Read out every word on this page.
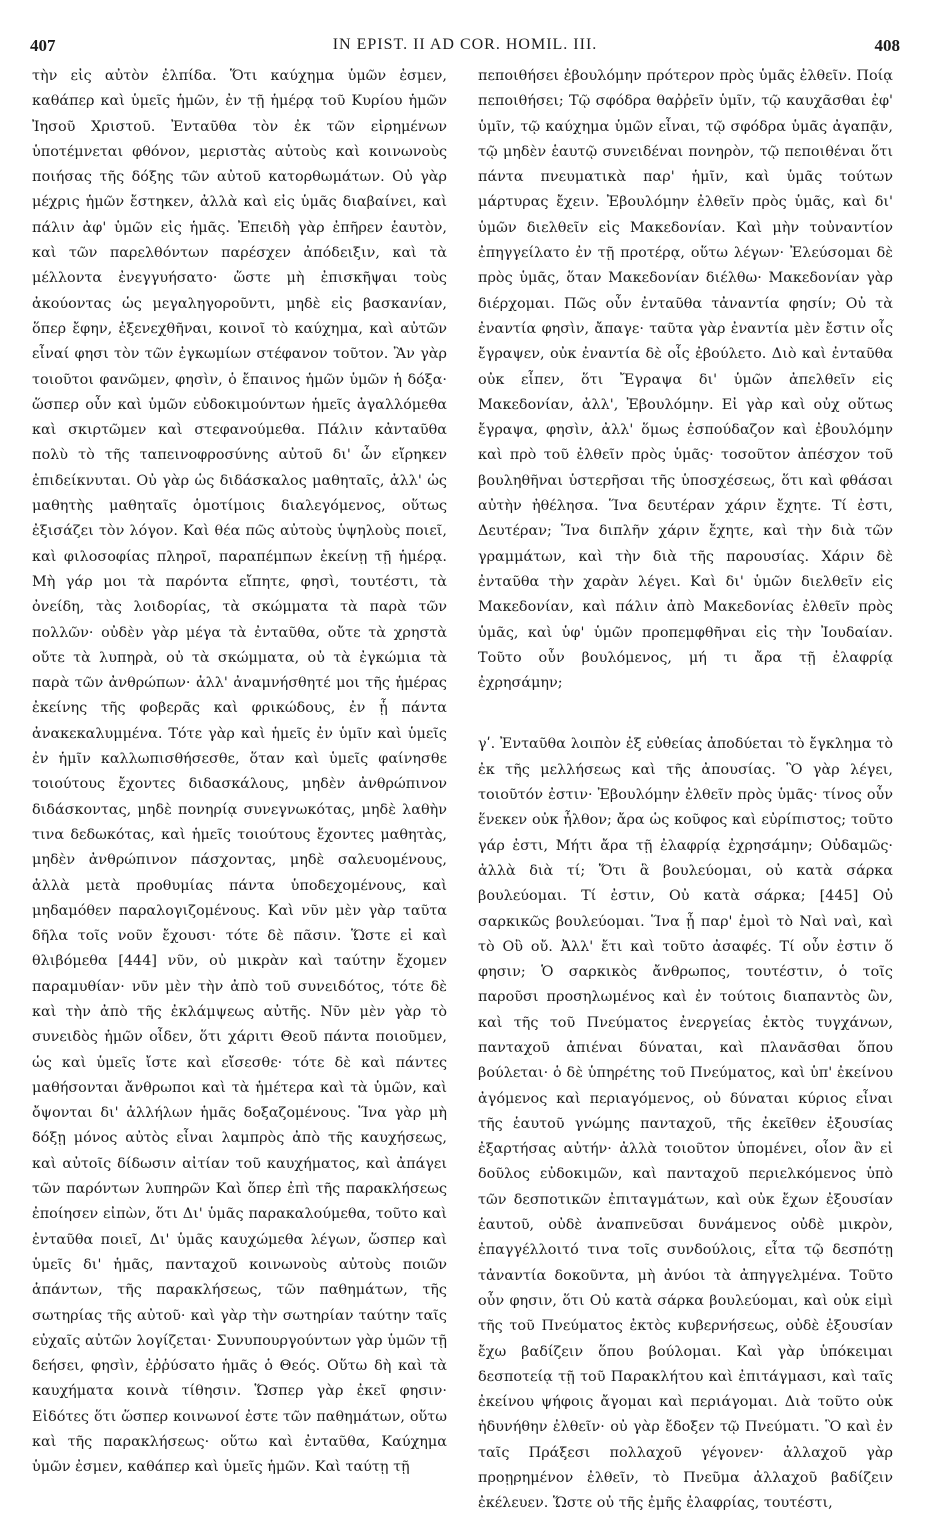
407	IN EPIST. II AD COR. HOMIL. III.	408

τὴν εἰς αὐτὸν ἐλπίδα. Ὅτι καύχημα ὑμῶν ἐσμεν, καθάπερ καὶ ὑμεῖς ἡμῶν, ἐν τῇ ἡμέρᾳ τοῦ Κυρίου ἡμῶν Ἰησοῦ Χριστοῦ. Ἐνταῦθα τὸν ἐκ τῶν εἰρημένων ὑποτέμνεται φθόνον, μεριστὰς αὐτοὺς καὶ κοινωνοὺς ποιήσας τῆς δόξης τῶν αὐτοῦ κατορθωμάτων. Οὐ γὰρ μέχρις ἡμῶν ἔστηκεν, ἀλλὰ καὶ εἰς ὑμᾶς διαβαίνει, καὶ πάλιν ἀφ' ὑμῶν εἰς ἡμᾶς. Ἐπειδὴ γὰρ ἐπῆρεν ἑαυτὸν, καὶ τῶν παρελθόντων παρέσχεν ἀπόδειξιν, καὶ τὰ μέλλοντα ἐνεγγυήσατο· ὥστε μὴ ἐπισκῆψαι τοὺς ἀκούοντας ὡς μεγαληγοροῦντι, μηδὲ εἰς βασκανίαν, ὅπερ ἔφην, ἐξενεχθῆναι, κοινοῖ τὸ καύχημα, καὶ αὐτῶν εἶναί φησι τὸν τῶν ἐγκωμίων στέφανον τοῦτον. Ἂν γὰρ τοιοῦτοι φανῶμεν, φησὶν, ὁ ἔπαινος ἡμῶν ὑμῶν ἡ δόξα· ὥσπερ οὖν καὶ ὑμῶν εὐδοκιμούντων ἡμεῖς ἀγαλλόμεθα καὶ σκιρτῶμεν καὶ στεφανούμεθα. Πάλιν κἀνταῦθα πολὺ τὸ τῆς ταπεινοφροσύνης αὐτοῦ δι' ὧν εἴρηκεν ἐπιδείκνυται. Οὐ γὰρ ὡς διδάσκαλος μαθηταῖς, ἀλλ' ὡς μαθητὴς μαθηταῖς ὁμοτίμοις διαλεγόμενος, οὕτως ἐξισάζει τὸν λόγον. Καὶ θέα πῶς αὐτοὺς ὑψηλοὺς ποιεῖ, καὶ φιλοσοφίας πληροῖ, παραπέμπων ἐκείνῃ τῇ ἡμέρᾳ. Μὴ γάρ μοι τὰ παρόντα εἴπητε, φησὶ, τουτέστι, τὰ ὀνείδη, τὰς λοιδορίας, τὰ σκώμματα τὰ παρὰ τῶν πολλῶν· οὐδὲν γὰρ μέγα τὰ ἐνταῦθα, οὔτε τὰ χρηστὰ οὔτε τὰ λυπηρὰ, οὐ τὰ σκώμματα, οὐ τὰ ἐγκώμια τὰ παρὰ τῶν ἀνθρώπων· ἀλλ' ἀναμνήσθητέ μοι τῆς ἡμέρας ἐκείνης τῆς φοβερᾶς καὶ φρικώδους, ἐν ᾗ πάντα ἀνακεκαλυμμένα. Τότε γὰρ καὶ ἡμεῖς ἐν ὑμῖν καὶ ὑμεῖς ἐν ἡμῖν καλλωπισθήσεσθε, ὅταν καὶ ὑμεῖς φαίνησθε τοιούτους ἔχοντες διδασκάλους, μηδὲν ἀνθρώπινον διδάσκοντας, μηδὲ πονηρίᾳ συνεγνωκότας, μηδὲ λαθὴν τινα δεδωκότας, καὶ ἡμεῖς τοιούτους ἔχοντες μαθητὰς, μηδὲν ἀνθρώπινον πάσχοντας, μηδὲ σαλευομένους, ἀλλὰ μετὰ προθυμίας πάντα ὑποδεχομένους, καὶ μηδαμόθεν παραλογιζομένους. Καὶ νῦν μὲν γὰρ ταῦτα δῆλα τοῖς νοῦν ἔχουσι· τότε δὲ πᾶσιν. Ὥστε εἰ καὶ θλιβόμεθα [444] νῦν, οὐ μικρὰν καὶ ταύτην ἔχομεν παραμυθίαν· νῦν μὲν τὴν ἀπὸ τοῦ συνειδότος, τότε δὲ καὶ τὴν ἀπὸ τῆς ἐκλάμψεως αὐτῆς. Νῦν μὲν γὰρ τὸ συνειδὸς ἡμῶν οἶδεν, ὅτι χάριτι Θεοῦ πάντα ποιοῦμεν, ὡς καὶ ὑμεῖς ἴστε καὶ εἴσεσθε· τότε δὲ καὶ πάντες μαθήσονται ἄνθρωποι καὶ τὰ ἡμέτερα καὶ τὰ ὑμῶν, καὶ ὄψονται δι' ἀλλήλων ἡμᾶς δοξαζομένους. Ἵνα γὰρ μὴ δόξῃ μόνος αὐτὸς εἶναι λαμπρὸς ἀπὸ τῆς καυχήσεως, καὶ αὐτοῖς δίδωσιν αἰτίαν τοῦ καυχήματος, καὶ ἀπάγει τῶν παρόντων λυπηρῶν Καὶ ὅπερ ἐπὶ τῆς παρακλήσεως ἐποίησεν εἰπὼν, ὅτι Δι' ὑμᾶς παρακαλούμεθα, τοῦτο καὶ ἐνταῦθα ποιεῖ, Δι' ὑμᾶς καυχώμεθα λέγων, ὥσπερ καὶ ὑμεῖς δι' ἡμᾶς, πανταχοῦ κοινωνοὺς αὐτοὺς ποιῶν ἁπάντων, τῆς παρακλήσεως, τῶν παθημάτων, τῆς σωτηρίας τῆς αὐτοῦ· καὶ γὰρ τὴν σωτηρίαν ταύτην ταῖς εὐχαῖς αὐτῶν λογίζεται· Συνυπουργούντων γὰρ ὑμῶν τῇ δεήσει, φησὶν, ἐῤῥύσατο ἡμᾶς ὁ Θεός. Οὕτω δὴ καὶ τὰ καυχήματα κοινὰ τίθησιν. Ὥσπερ γὰρ ἐκεῖ φησιν· Εἰδότες ὅτι ὥσπερ κοινωνοί ἐστε τῶν παθημάτων, οὕτω καὶ τῆς παρακλήσεως· οὕτω καὶ ἐνταῦθα, Καύχημα ὑμῶν ἐσμεν, καθάπερ καὶ ὑμεῖς ἡμῶν. Καὶ ταύτῃ τῇ

πεποιθήσει ἐβουλόμην πρότερον πρὸς ὑμᾶς ἐλθεῖν. Ποίᾳ πεποιθήσει; Τῷ σφόδρα θαῤῥεῖν ὑμῖν, τῷ καυχᾶσθαι ἐφ' ὑμῖν, τῷ καύχημα ὑμῶν εἶναι, τῷ σφόδρα ὑμᾶς ἀγαπᾷν, τῷ μηδὲν ἑαυτῷ συνειδέναι πονηρὸν, τῷ πεποιθέναι ὅτι πάντα πνευματικὰ παρ' ἡμῖν, καὶ ὑμᾶς τούτων μάρτυρας ἔχειν. Ἐβουλόμην ἐλθεῖν πρὸς ὑμᾶς, καὶ δι' ὑμῶν διελθεῖν εἰς Μακεδονίαν. Καὶ μὴν τοὐναντίον ἐπηγγείλατο ἐν τῇ προτέρᾳ, οὕτω λέγων· Ἐλεύσομαι δὲ πρὸς ὑμᾶς, ὅταν Μακεδονίαν διέλθω· Μακεδονίαν γὰρ διέρχομαι. Πῶς οὖν ἐνταῦθα τἀναντία φησίν; Οὐ τὰ ἐναντία φησὶν, ἄπαγε· ταῦτα γὰρ ἐναντία μὲν ἔστιν οἷς ἔγραψεν, οὐκ ἐναντία δὲ οἷς ἐβούλετο. Διὸ καὶ ἐνταῦθα οὐκ εἶπεν, ὅτι Ἔγραψα δι' ὑμῶν ἀπελθεῖν εἰς Μακεδονίαν, ἀλλ', Ἐβουλόμην. Εἰ γὰρ καὶ οὐχ οὕτως ἔγραψα, φησὶν, ἀλλ' ὅμως ἐσπούδαζον καὶ ἐβουλόμην καὶ πρὸ τοῦ ἐλθεῖν πρὸς ὑμᾶς· τοσοῦτον ἀπέσχον τοῦ βουληθῆναι ὑστερῆσαι τῆς ὑποσχέσεως, ὅτι καὶ φθάσαι αὐτὴν ἠθέλησα. Ἵνα δευτέραν χάριν ἔχητε. Τί ἐστι, Δευτέραν; Ἵνα διπλῆν χάριν ἔχητε, καὶ τὴν διὰ τῶν γραμμάτων, καὶ τὴν διὰ τῆς παρουσίας. Χάριν δὲ ἐνταῦθα τὴν χαρὰν λέγει. Καὶ δι' ὑμῶν διελθεῖν εἰς Μακεδονίαν, καὶ πάλιν ἀπὸ Μακεδονίας ἐλθεῖν πρὸς ὑμᾶς, καὶ ὑφ' ὑμῶν προπεμφθῆναι εἰς τὴν Ἰουδαίαν. Τοῦτο οὖν βουλόμενος, μή τι ἄρα τῇ ἐλαφρίᾳ ἐχρησάμην;

γʹ. Ἐνταῦθα λοιπὸν ἐξ εὐθείας ἀποδύεται τὸ ἔγκλημα τὸ ἐκ τῆς μελλήσεως καὶ τῆς ἀπουσίας. Ὃ γὰρ λέγει, τοιοῦτόν ἐστιν· Ἐβουλόμην ἐλθεῖν πρὸς ὑμᾶς· τίνος οὖν ἕνεκεν οὐκ ἦλθον; ἄρα ὡς κοῦφος καὶ εὐρίπιστος; τοῦτο γάρ ἐστι, Μήτι ἄρα τῇ ἐλαφρίᾳ ἐχρησάμην; Οὐδαμῶς· ἀλλὰ διὰ τί; Ὅτι ἃ βουλεύομαι, οὐ κατὰ σάρκα βουλεύομαι. Τί ἐστιν, Οὐ κατὰ σάρκα; [445] Οὐ σαρκικῶς βουλεύομαι. Ἵνα ᾖ παρ' ἐμοὶ τὸ Ναὶ ναὶ, καὶ τὸ Οὒ οὔ. Ἀλλ' ἔτι καὶ τοῦτο ἀσαφές. Τί οὖν ἐστιν ὅ φησιν; Ὁ σαρκικὸς ἄνθρωπος, τουτέστιν, ὁ τοῖς παροῦσι προσηλωμένος καὶ ἐν τούτοις διαπαντὸς ὢν, καὶ τῆς τοῦ Πνεύματος ἐνεργείας ἐκτὸς τυγχάνων, πανταχοῦ ἀπιέναι δύναται, καὶ πλανᾶσθαι ὅπου βούλεται· ὁ δὲ ὑπηρέτης τοῦ Πνεύματος, καὶ ὑπ' ἐκείνου ἀγόμενος καὶ περιαγόμενος, οὐ δύναται κύριος εἶναι τῆς ἑαυτοῦ γνώμης πανταχοῦ, τῆς ἐκεῖθεν ἐξουσίας ἐξαρτήσας αὐτήν· ἀλλὰ τοιοῦτον ὑπομένει, οἷον ἂν εἰ δοῦλος εὐδοκιμῶν, καὶ πανταχοῦ περιελκόμενος ὑπὸ τῶν δεσποτικῶν ἐπιταγμάτων, καὶ οὐκ ἔχων ἐξουσίαν ἑαυτοῦ, οὐδὲ ἀναπνεῦσαι δυνάμενος οὐδὲ μικρὸν, ἐπαγγέλλοιτό τινα τοῖς συνδούλοις, εἶτα τῷ δεσπότῃ τἀναντία δοκοῦντα, μὴ ἀνύοι τὰ ἀπηγγελμένα. Τοῦτο οὖν φησιν, ὅτι Οὐ κατὰ σάρκα βουλεύομαι, καὶ οὐκ εἰμὶ τῆς τοῦ Πνεύματος ἐκτὸς κυβερνήσεως, οὐδὲ ἐξουσίαν ἔχω βαδίζειν ὅπου βούλομαι. Καὶ γὰρ ὑπόκειμαι δεσποτείᾳ τῇ τοῦ Παρακλήτου καὶ ἐπιτάγμασι, καὶ ταῖς ἐκείνου ψήφοις ἄγομαι καὶ περιάγομαι. Διὰ τοῦτο οὐκ ἠδυνήθην ἐλθεῖν· οὐ γὰρ ἔδοξεν τῷ Πνεύματι. Ὃ καὶ ἐν ταῖς Πράξεσι πολλαχοῦ γέγονεν· ἀλλαχοῦ γὰρ προῃρημένον ἐλθεῖν, τὸ Πνεῦμα ἀλλαχοῦ βαδίζειν ἐκέλευεν. Ὥστε οὐ τῆς ἐμῆς ἐλαφρίας, τουτέστι,
